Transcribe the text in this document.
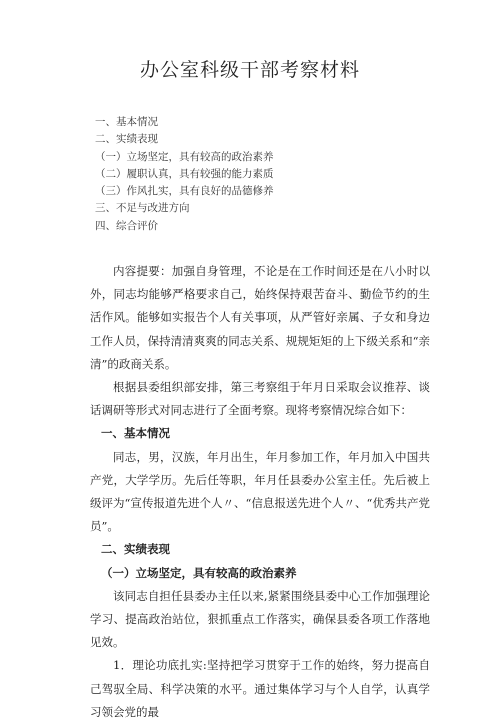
办公室科级干部考察材料
一、基本情况
二、实绩表现
（一）立场坚定，具有较高的政治素养
（二）履职认真，具有较强的能力素质
（三）作风扎实，具有良好的品德修养
三、不足与改进方向
四、综合评价

内容提要：加强自身管理，不论是在工作时间还是在八小时以外，同志均能够严格要求自己，始终保持艰苦奋斗、勤俭节约的生活作风。能够如实报告个人有关事项，从严管好亲属、子女和身边工作人员，保持清清爽爽的同志关系、规规矩矩的上下级关系和“亲清”的政商关系。

根据县委组织部安排，第三考察组于年月日采取会议推荐、谈话调研等形式对同志进行了全面考察。现将考察情况综合如下：

一、基本情况

同志，男，汉族，年月出生，年月参加工作，年月加入中国共产党，大学学历。先后任等职，年月任县委办公室主任。先后被上级评为“宣传报道先进个人〃、“信息报送先进个人〃、“优秀共产党员”。

二、实绩表现

（一）立场坚定，具有较高的政治素养

该同志自担任县委办主任以来,紧紧围绕县委中心工作加强理论学习、提高政治站位，狠抓重点工作落实，确保县委各项工作落地见效。

1．理论功底扎实:坚持把学习贯穿于工作的始终，努力提高自己驾驭全局、科学决策的水平。通过集体学习与个人自学，认真学习领会党的最
